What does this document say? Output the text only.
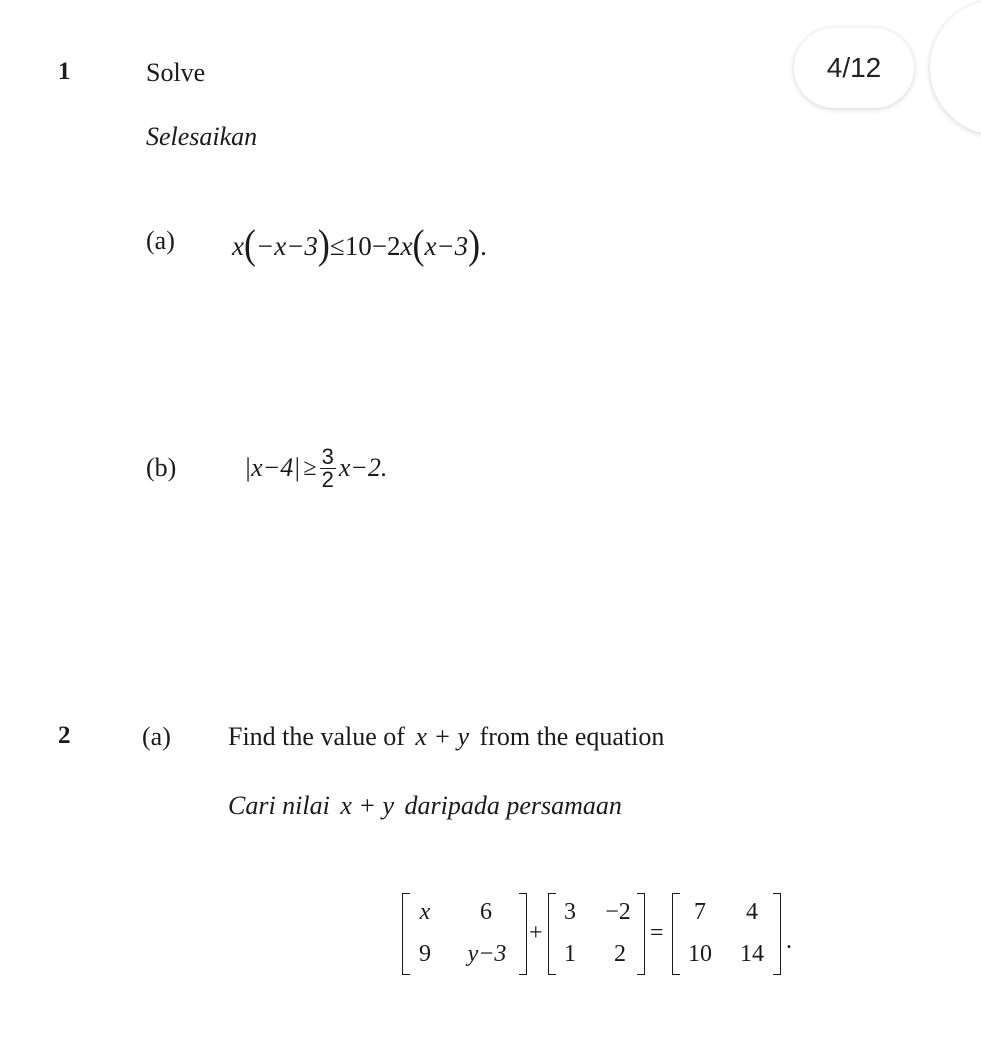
4/12
1	Solve
Selesaikan
(a) x(−x−3)≤10−2x(x−3).
(b)	$|x-4| \ge \frac{3}{2} x-2$.
2	(a) Find the value of x + y from the equation
Cari nilai x + y daripada persamaan
x	6
9	y−3
+
3 −2
1	2
=
7	4
10	14 .
